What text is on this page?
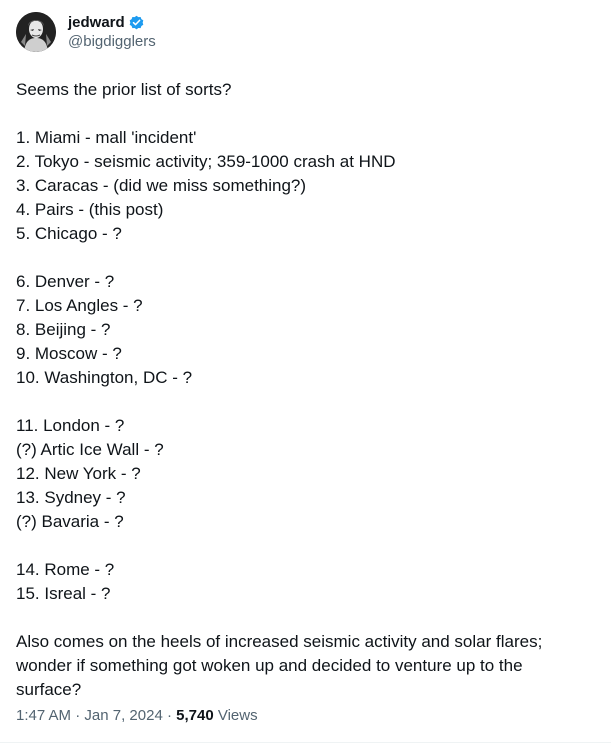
jedward
@bigdigglers
Seems the prior list of sorts?
1. Miami - mall 'incident'
2. Tokyo - seismic activity; 359-1000 crash at HND
3. Caracas - (did we miss something?)
4. Pairs - (this post)
5. Chicago - ?
6. Denver - ?
7. Los Angles - ?
8. Beijing - ?
9. Moscow - ?
10. Washington, DC - ?
11. London - ?
(?) Artic Ice Wall - ?
12. New York - ?
13. Sydney - ?
(?) Bavaria - ?
14. Rome - ?
15. Isreal - ?
Also comes on the heels of increased seismic activity and solar flares;
wonder if something got woken up and decided to venture up to the
surface?
1:47 AM · Jan 7, 2024 · 5,740 Views
